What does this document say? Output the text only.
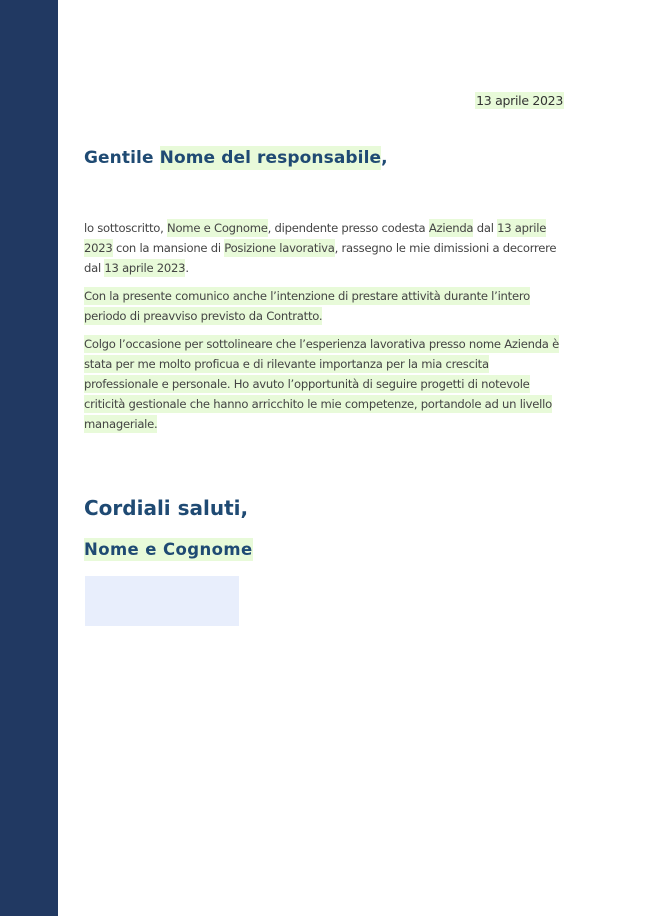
13 aprile 2023
Gentile Nome del responsabile,

lo sottoscritto, Nome e Cognome, dipendente presso codesta Azienda dal 13 aprile 2023 con la mansione di Posizione lavorativa, rassegno le mie dimissioni a decorrere dal 13 aprile 2023.

Con la presente comunico anche l’intenzione di prestare attività durante l’intero periodo di preavviso previsto da Contratto.

Colgo l’occasione per sottolineare che l’esperienza lavorativa presso nome Azienda è stata per me molto proficua e di rilevante importanza per la mia crescita professionale e personale. Ho avuto l’opportunità di seguire progetti di notevole criticità gestionale che hanno arricchito le mie competenze, portandole ad un livello manageriale.

Cordiali saluti,
Nome e Cognome
